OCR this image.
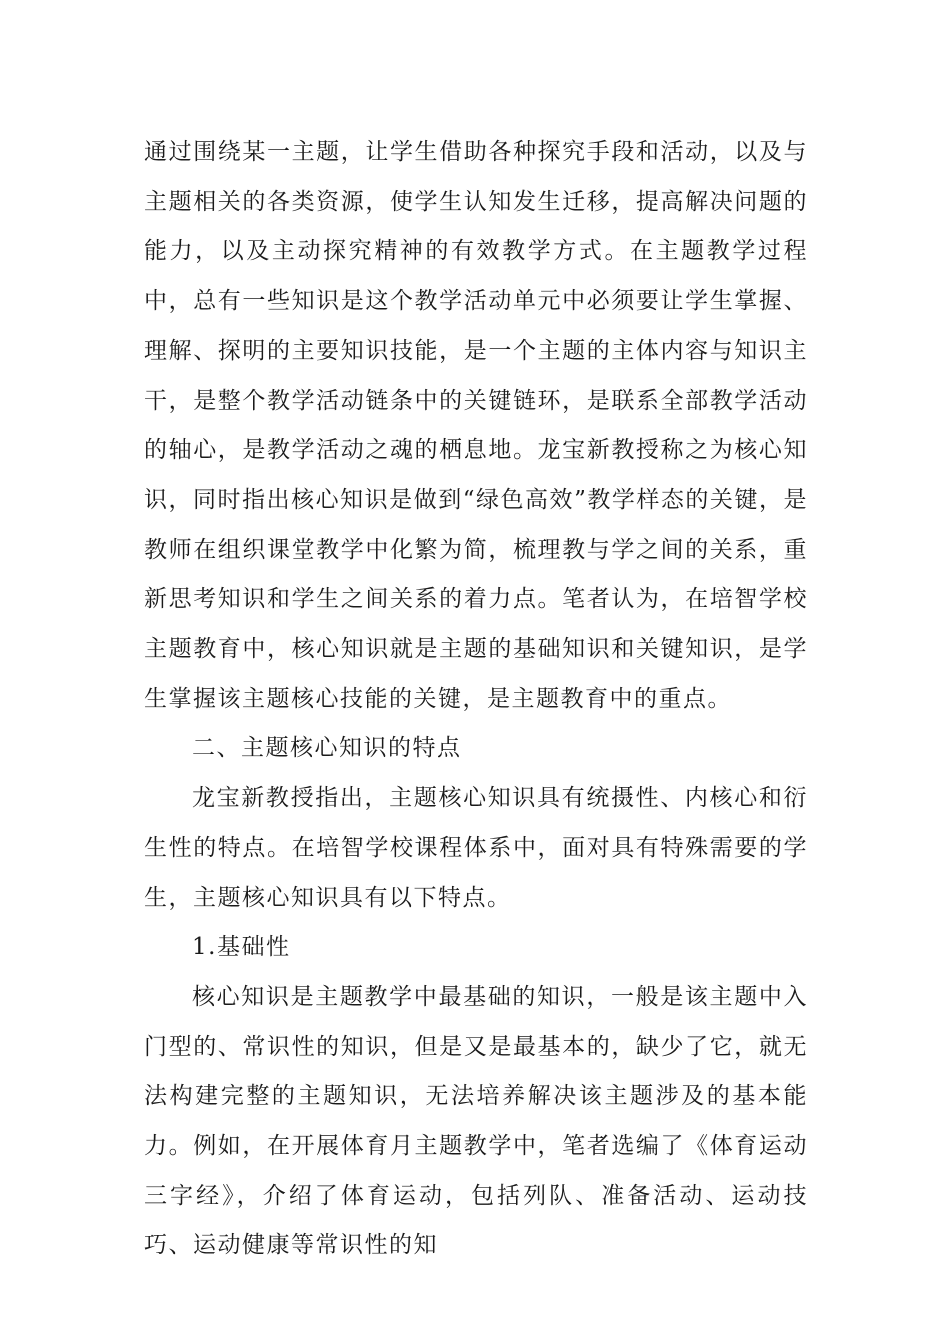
通过围绕某一主题，让学生借助各种探究手段和活动，以及与主题相关的各类资源，使学生认知发生迁移，提高解决问题的能力，以及主动探究精神的有效教学方式。在主题教学过程中，总有一些知识是这个教学活动单元中必须要让学生掌握、理解、探明的主要知识技能，是一个主题的主体内容与知识主干，是整个教学活动链条中的关键链环，是联系全部教学活动的轴心，是教学活动之魂的栖息地。龙宝新教授称之为核心知识，同时指出核心知识是做到“绿色高效”教学样态的关键，是教师在组织课堂教学中化繁为简，梳理教与学之间的关系，重新思考知识和学生之间关系的着力点。笔者认为，在培智学校主题教育中，核心知识就是主题的基础知识和关键知识，是学生掌握该主题核心技能的关键，是主题教育中的重点。

二、主题核心知识的特点

龙宝新教授指出，主题核心知识具有统摄性、内核心和衍生性的特点。在培智学校课程体系中，面对具有特殊需要的学生，主题核心知识具有以下特点。

1.基础性

核心知识是主题教学中最基础的知识，一般是该主题中入门型的、常识性的知识，但是又是最基本的，缺少了它，就无法构建完整的主题知识，无法培养解决该主题涉及的基本能力。例如，在开展体育月主题教学中，笔者选编了《体育运动三字经》，介绍了体育运动，包括列队、准备活动、运动技巧、运动健康等常识性的知
